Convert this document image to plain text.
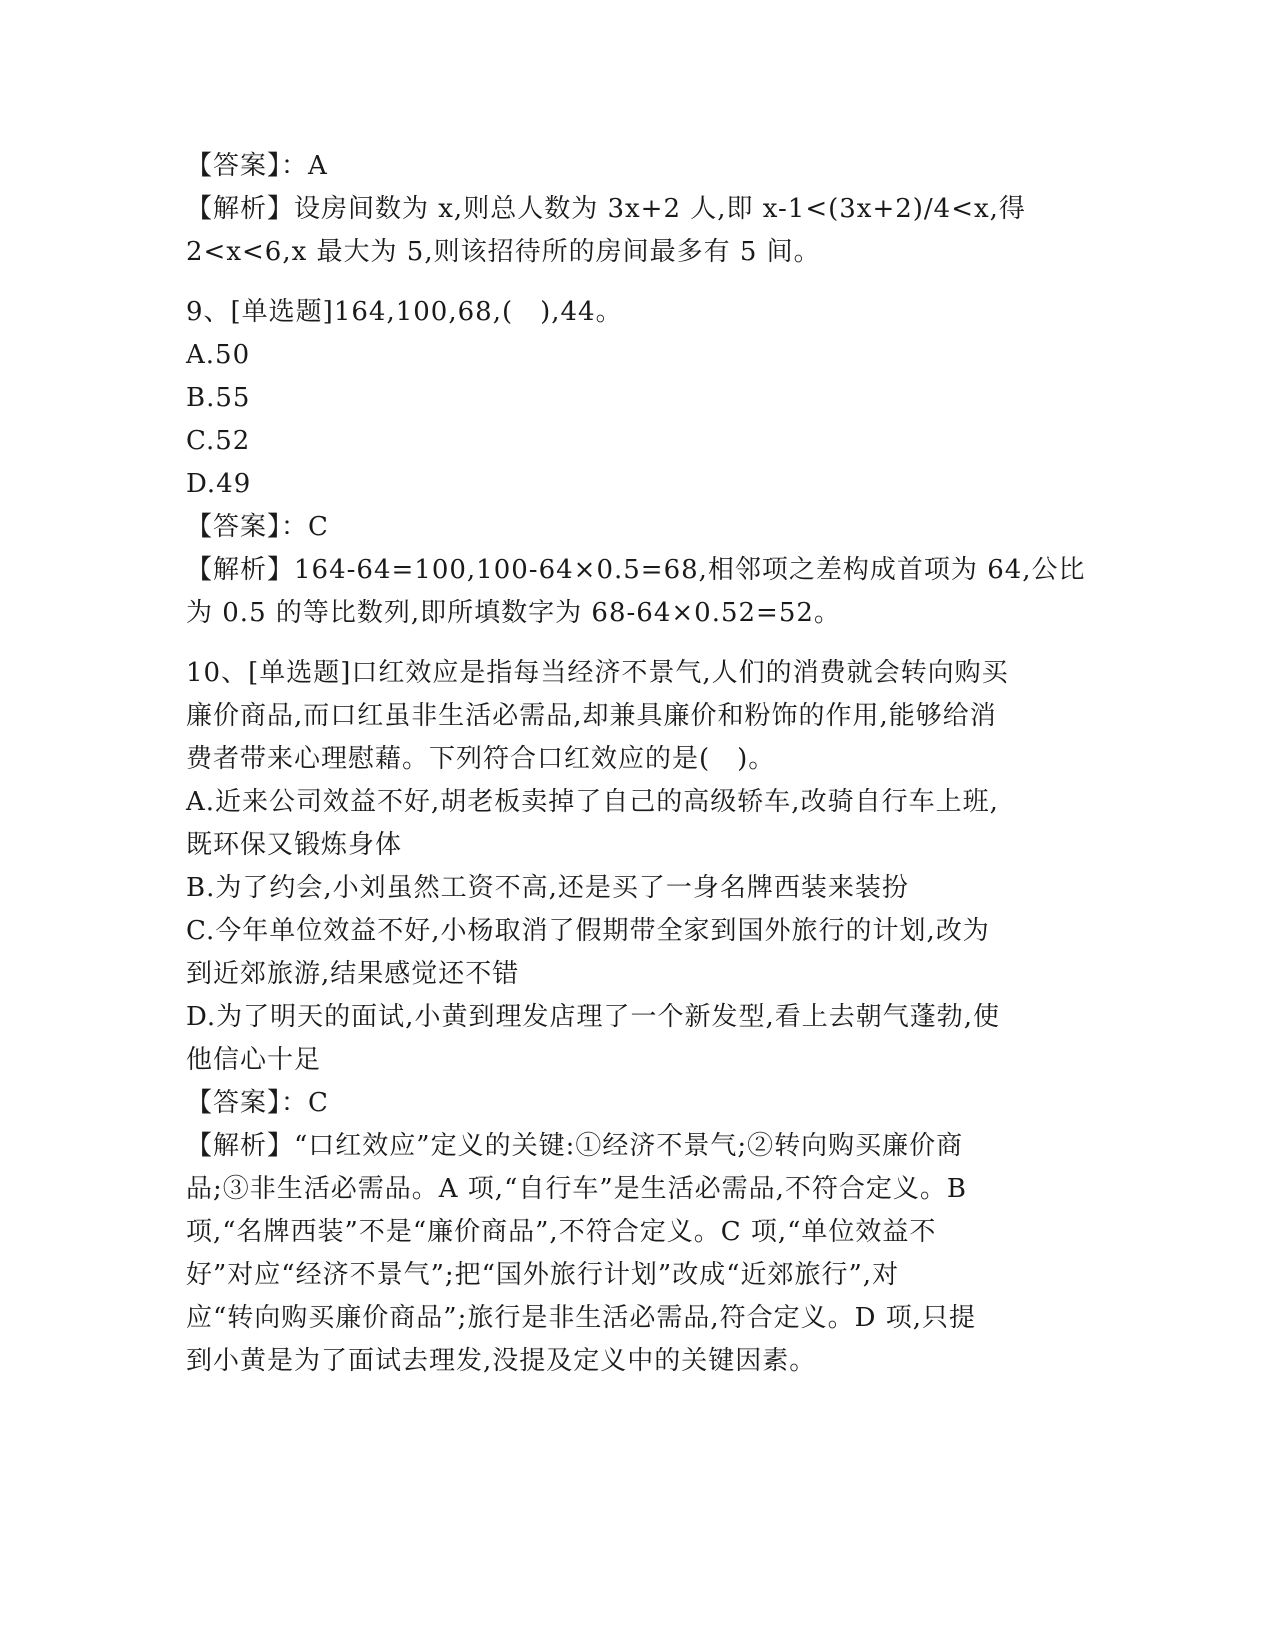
【答案】：A
【解析】设房间数为 x,则总人数为 3x+2 人,即 x-1<(3x+2)/4<x,得
2<x<6,x 最大为 5,则该招待所的房间最多有 5 间。
9、[单选题]164,100,68,(　),44。
A.50
B.55
C.52
D.49
【答案】：C
【解析】164-64=100,100-64×0.5=68,相邻项之差构成首项为 64,公比
为 0.5 的等比数列,即所填数字为 68-64×0.52=52。
10、[单选题]口红效应是指每当经济不景气,人们的消费就会转向购买
廉价商品,而口红虽非生活必需品,却兼具廉价和粉饰的作用,能够给消
费者带来心理慰藉。下列符合口红效应的是(　)。
A.近来公司效益不好,胡老板卖掉了自己的高级轿车,改骑自行车上班,
既环保又锻炼身体
B.为了约会,小刘虽然工资不高,还是买了一身名牌西装来装扮
C.今年单位效益不好,小杨取消了假期带全家到国外旅行的计划,改为
到近郊旅游,结果感觉还不错
D.为了明天的面试,小黄到理发店理了一个新发型,看上去朝气蓬勃,使
他信心十足
【答案】：C
【解析】“口红效应”定义的关键:①经济不景气;②转向购买廉价商
品;③非生活必需品。A 项,“自行车”是生活必需品,不符合定义。B
项,“名牌西装”不是“廉价商品”,不符合定义。C 项,“单位效益不
好”对应“经济不景气”;把“国外旅行计划”改成“近郊旅行”,对
应“转向购买廉价商品”;旅行是非生活必需品,符合定义。D 项,只提
到小黄是为了面试去理发,没提及定义中的关键因素。
